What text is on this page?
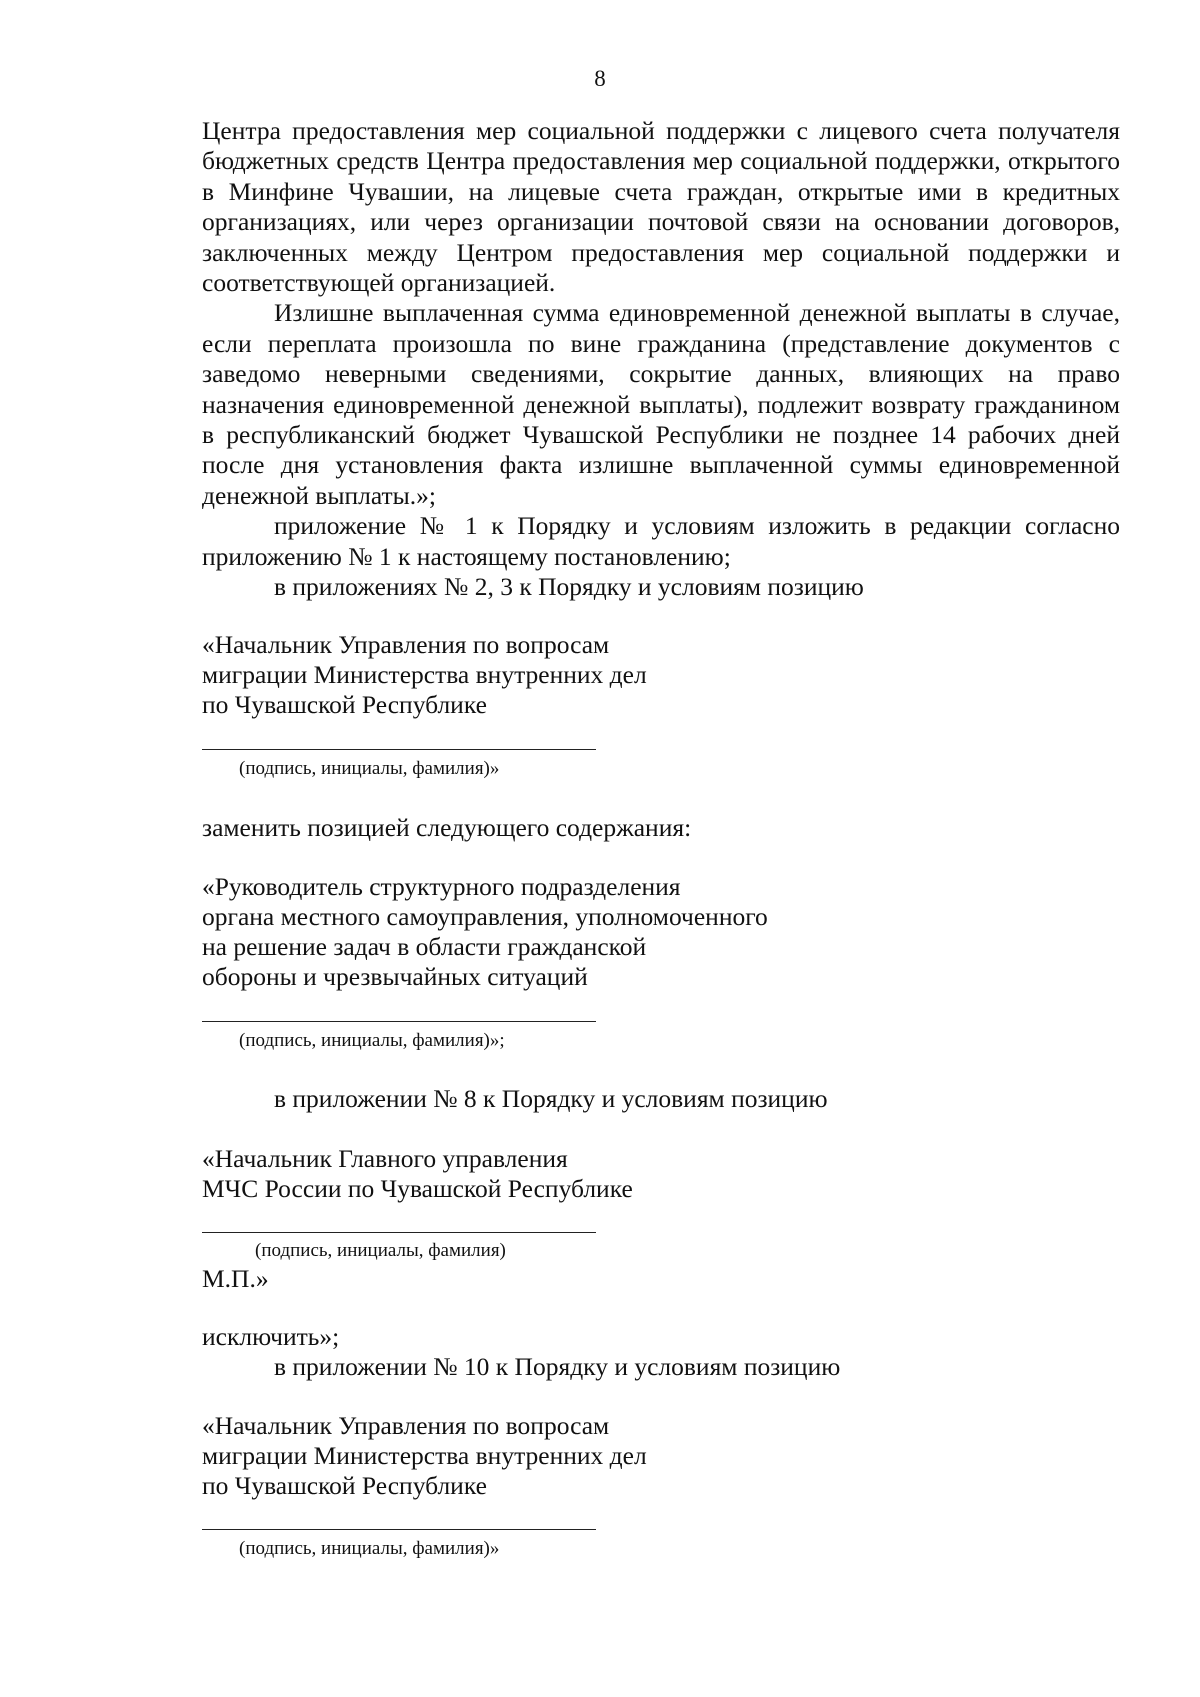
8

Центра предоставления мер социальной поддержки с лицевого счета получателя бюджетных средств Центра предоставления мер социальной поддержки, открытого в Минфине Чувашии, на лицевые счета граждан, открытые ими в кредитных организациях, или через организации почтовой связи на основании договоров, заключенных между Центром предоставления мер социальной поддержки и соответствующей организацией.

Излишне выплаченная сумма единовременной денежной выплаты в случае, если переплата произошла по вине гражданина (представление документов с заведомо неверными сведениями, сокрытие данных, влияющих на право назначения единовременной денежной выплаты), подлежит возврату гражданином в республиканский бюджет Чувашской Республики не позднее 14 рабочих дней после дня установления факта излишне выплаченной суммы единовременной денежной выплаты.»;

приложение № 1 к Порядку и условиям изложить в редакции согласно приложению № 1 к настоящему постановлению;

в приложениях № 2, 3 к Порядку и условиям позицию

«Начальник Управления по вопросам
миграции Министерства внутренних дел
по Чувашской Республике
(подпись, инициалы, фамилия)»
заменить позицией следующего содержания:
«Руководитель структурного подразделения
органа местного самоуправления, уполномоченного
на решение задач в области гражданской
обороны и чрезвычайных ситуаций
(подпись, инициалы, фамилия)»;
в приложении № 8 к Порядку и условиям позицию
«Начальник Главного управления
МЧС России по Чувашской Республике
(подпись, инициалы, фамилия)
М.П.»
исключить»;
в приложении № 10 к Порядку и условиям позицию
«Начальник Управления по вопросам
миграции Министерства внутренних дел
по Чувашской Республике
(подпись, инициалы, фамилия)»
